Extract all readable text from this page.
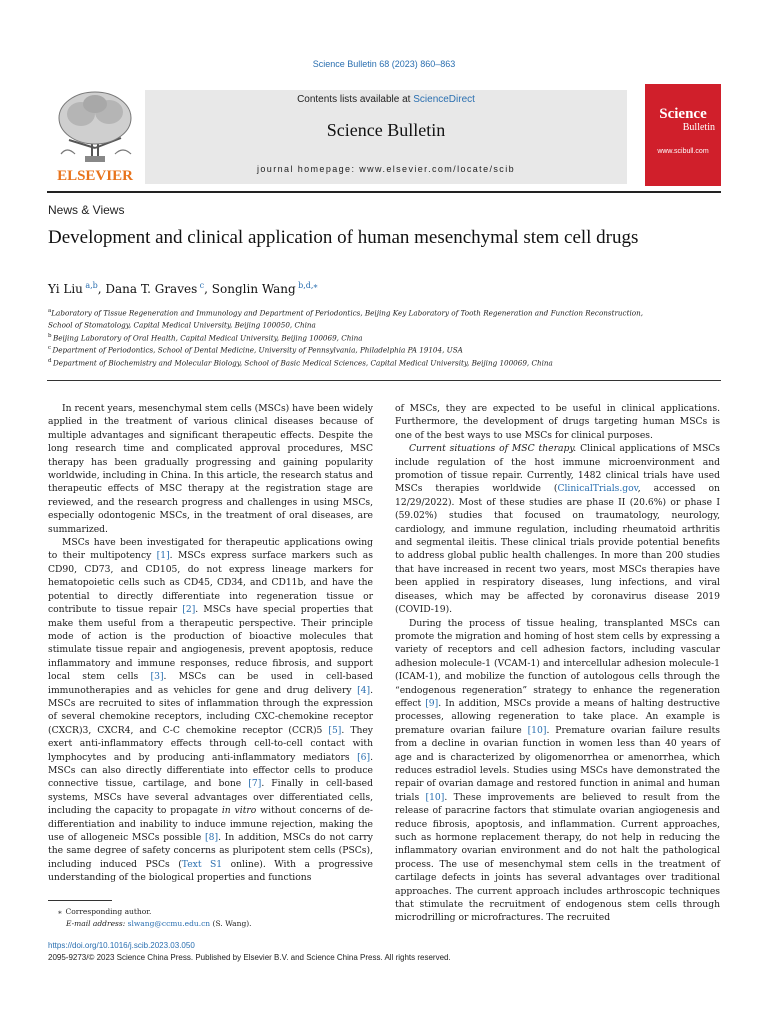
Science Bulletin 68 (2023) 860–863
ELSEVIER
Contents lists available at ScienceDirect
Science Bulletin
journal homepage: www.elsevier.com/locate/scib
Science
Bulletin
www.scibull.com
News & Views
Development and clinical application of human mesenchymal stem cell drugs
Yi Liu  $^{a,b}$, Dana T. Graves  $^c$, Songlin Wang  $^{b,d,⁎}$
$^a$Laboratory of Tissue Regeneration and Immunology and Department of Periodontics, Beijing Key Laboratory of Tooth Regeneration and Function Reconstruction,
School of Stomatology, Capital Medical University, Beijing 100050, China
$^b$ Beijing Laboratory of Oral Health, Capital Medical University, Beijing 100069, China
$^c$ Department of Periodontics, School of Dental Medicine, University of Pennsylvania, Philadelphia PA 19104, USA
$^d$ Department of Biochemistry and Molecular Biology, School of Basic Medical Sciences, Capital Medical University, Beijing 100069, China

In recent years, mesenchymal stem cells (MSCs) have been widely applied in the treatment of various clinical diseases because of multiple advantages and significant therapeutic effects. Despite the long research time and complicated approval procedures, MSC therapy has been gradually progressing and gaining popularity worldwide, including in China. In this article, the research status and therapeutic effects of MSC therapy at the registration stage are reviewed, and the research progress and challenges in using MSCs, especially odontogenic MSCs, in the treatment of oral diseases, are summarized.

MSCs have been investigated for therapeutic applications owing to their multipotency [1]. MSCs express surface markers such as CD90, CD73, and CD105, do not express lineage markers for hematopoietic cells such as CD45, CD34, and CD11b, and have the potential to directly differentiate into regeneration tissue or contribute to tissue repair [2]. MSCs have special properties that make them useful from a therapeutic perspective. Their principle mode of action is the production of bioactive molecules that stimulate tissue repair and angiogenesis, prevent apoptosis, reduce inflammatory and immune responses, reduce fibrosis, and support local stem cells [3]. MSCs can be used in cell-based immunotherapies and as vehicles for gene and drug delivery [4]. MSCs are recruited to sites of inflammation through the expression of several chemokine receptors, including CXC-chemokine receptor (CXCR)3, CXCR4, and C-C chemokine receptor (CCR)5 [5]. They exert anti-inflammatory effects through cell-to-cell contact with lymphocytes and by producing anti-inflammatory mediators [6]. MSCs can also directly differentiate into effector cells to produce connective tissue, cartilage, and bone [7]. Finally in cell-based systems, MSCs have several advantages over differentiated cells, including the capacity to propagate in vitro without concerns of de-differentiation and inability to induce immune rejection, making the use of allogeneic MSCs possible [8]. In addition, MSCs do not carry the same degree of safety concerns as pluripotent stem cells (PSCs), including induced PSCs (Text S1 online). With a progressive understanding of the biological properties and functions

of MSCs, they are expected to be useful in clinical applications. Furthermore, the development of drugs targeting human MSCs is one of the best ways to use MSCs for clinical purposes.

Current situations of MSC therapy. Clinical applications of MSCs include regulation of the host immune microenvironment and promotion of tissue repair. Currently, 1482 clinical trials have used MSCs therapies worldwide (ClinicalTrials.gov, accessed on 12/29/2022). Most of these studies are phase II (20.6%) or phase I (59.02%) studies that focused on traumatology, neurology, cardiology, and immune regulation, including rheumatoid arthritis and segmental ileitis. These clinical trials provide potential benefits to address global public health challenges. In more than 200 studies that have increased in recent two years, most MSCs therapies have been applied in respiratory diseases, lung infections, and viral diseases, which may be affected by coronavirus disease 2019 (COVID-19).

During the process of tissue healing, transplanted MSCs can promote the migration and homing of host stem cells by expressing a variety of receptors and cell adhesion factors, including vascular adhesion molecule-1 (VCAM-1) and intercellular adhesion molecule-1 (ICAM-1), and mobilize the function of autologous cells through the “endogenous regeneration” strategy to enhance the regeneration effect [9]. In addition, MSCs provide a means of halting destructive processes, allowing regeneration to take place. An example is premature ovarian failure [10]. Premature ovarian failure results from a decline in ovarian function in women less than 40 years of age and is characterized by oligomenorrhea or amenorrhea, which reduces estradiol levels. Studies using MSCs have demonstrated the repair of ovarian damage and restored function in animal and human trials [10]. These improvements are believed to result from the release of paracrine factors that stimulate ovarian angiogenesis and reduce fibrosis, apoptosis, and inflammation. Current approaches, such as hormone replacement therapy, do not help in reducing the inflammatory ovarian environment and do not halt the pathological process. The use of mesenchymal stem cells in the treatment of cartilage defects in joints has several advantages over traditional approaches. The current approach includes arthroscopic techniques that stimulate the recruitment of endogenous stem cells through microdrilling or microfractures. The recruited

⁎  Corresponding author.
E-mail address: slwang@ccmu.edu.cn (S. Wang).
https://doi.org/10.1016/j.scib.2023.03.050
2095-9273/© 2023 Science China Press. Published by Elsevier B.V. and Science China Press. All rights reserved.
